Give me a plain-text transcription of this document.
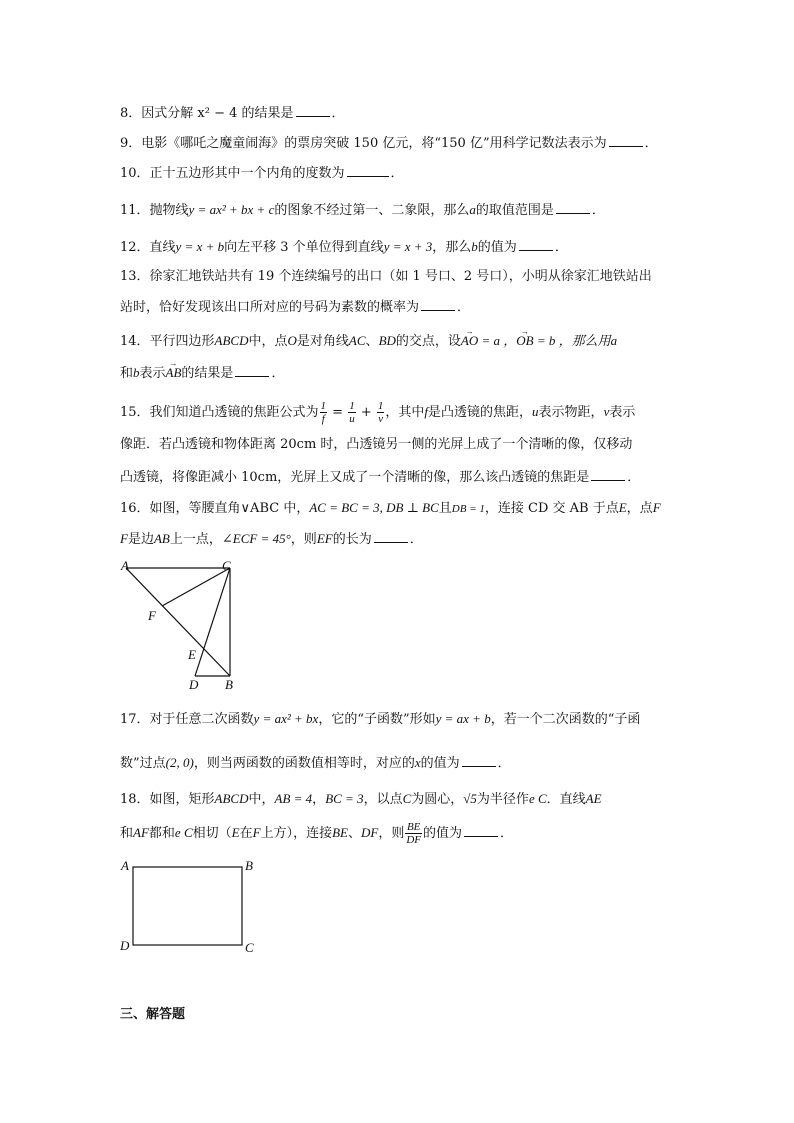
8．因式分解 x² − 4 的结果是	．
9．电影《哪吒之魔童闹海》的票房突破 150 亿元，将“150 亿”用科学记数法表示为	．
10．正十五边形其中一个内角的度数为	．
11．抛物线y = ax² + bx + c的图象不经过第一、二象限，那么a的取值范围是	．
12．直线y = x + b向左平移 3 个单位得到直线y = x + 3，那么b的值为	．
13．徐家汇地铁站共有 19 个连续编号的出口（如 1 号口、2 号口），小明从徐家汇地铁站出
站时，恰好发现该出口所对应的号码为素数的概率为	．
14．平行四边形ABCD中，点O是对角线AC、BD的交点，设→ AO = a ，→ OB = b ，那么用a
和b表示→ AB的结果是	．
15．我们知道凸透镜的焦距公式为 $\frac{1}{f} = \frac{1}{u} + \frac{1}{v}$ ，其中f是凸透镜的焦距，u表示物距，v表示
像距．若凸透镜和物体距离 20cm 时，凸透镜另一侧的光屏上成了一个清晰的像，仅移动
凸透镜，将像距减小 10cm，光屏上又成了一个清晰的像，那么该凸透镜的焦距是	．
16．如图，等腰直角∨ABC 中，AC = BC = 3, DB ⊥ BC且DB = 1，连接 CD 交 AB 于点E，点F
F是边AB上一点，∠ECF = 45°，则EF的长为	．
A	C
F
E
D B
17．对于任意二次函数y = ax² + bx，它的“子函数”形如y = ax + b，若一个二次函数的“子函
数”过点(2, 0)，则当两函数的函数值相等时，对应的x的值为	．
18．如图，矩形ABCD中，AB = 4，BC = 3，以点C为圆心，√5为半径作e C．直线AE
和AF都和e C相切（E在F上方），连接BE、DF，则 $\frac{BE}{DF}$ 的值为	．
A	B
C
D
三、解答题
